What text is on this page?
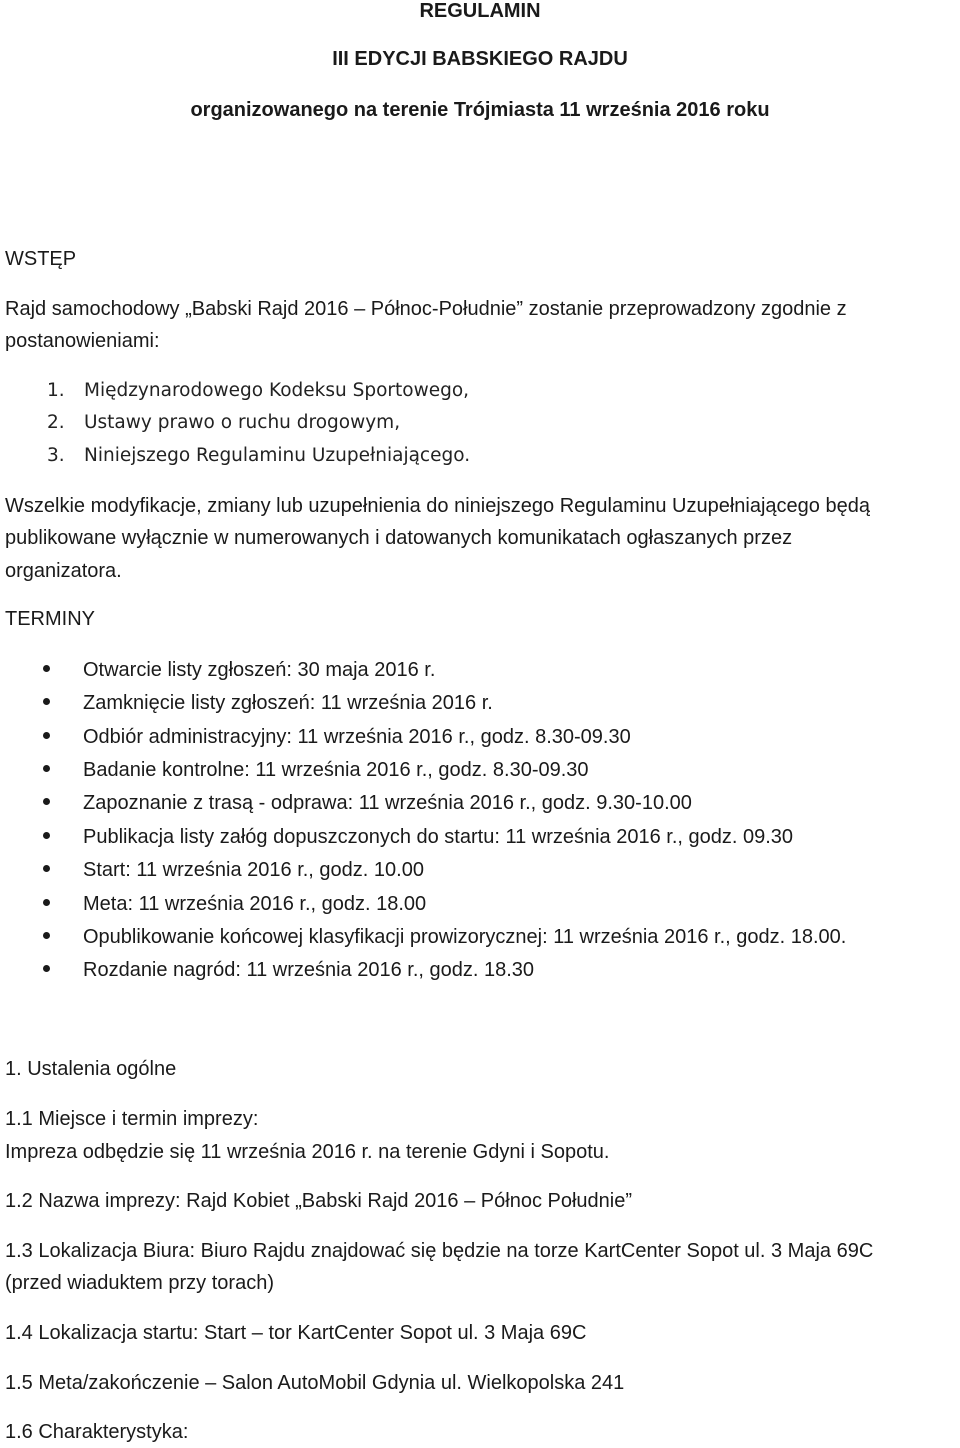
REGULAMIN
III EDYCJI BABSKIEGO RAJDU
organizowanego na terenie Trójmiasta 11 września 2016 roku
WSTĘP
Rajd samochodowy „Babski Rajd 2016 – Północ-Południe” zostanie przeprowadzony zgodnie z
postanowieniami:
1. Międzynarodowego Kodeksu Sportowego,
2. Ustawy prawo o ruchu drogowym,
3. Niniejszego Regulaminu Uzupełniającego.
Wszelkie modyfikacje, zmiany lub uzupełnienia do niniejszego Regulaminu Uzupełniającego będą
publikowane wyłącznie w numerowanych i datowanych komunikatach ogłaszanych przez
organizatora.
TERMINY
Otwarcie listy zgłoszeń: 30 maja 2016 r.
Zamknięcie listy zgłoszeń: 11 września 2016 r.
Odbiór administracyjny: 11 września 2016 r., godz. 8.30-09.30
Badanie kontrolne: 11 września 2016 r., godz. 8.30-09.30
Zapoznanie z trasą - odprawa: 11 września 2016 r., godz. 9.30-10.00
Publikacja listy załóg dopuszczonych do startu: 11 września 2016 r., godz. 09.30
Start: 11 września 2016 r., godz. 10.00
Meta: 11 września 2016 r., godz. 18.00
Opublikowanie końcowej klasyfikacji prowizorycznej: 11 września 2016 r., godz. 18.00.
Rozdanie nagród: 11 września 2016 r., godz. 18.30
1. Ustalenia ogólne
1.1 Miejsce i termin imprezy:
Impreza odbędzie się 11 września 2016 r. na terenie Gdyni i Sopotu.
1.2 Nazwa imprezy: Rajd Kobiet „Babski Rajd 2016 – Północ Południe”
1.3 Lokalizacja Biura: Biuro Rajdu znajdować się będzie na torze KartCenter Sopot ul. 3 Maja 69C
(przed wiaduktem przy torach)
1.4 Lokalizacja startu: Start – tor KartCenter Sopot ul. 3 Maja 69C
1.5 Meta/zakończenie – Salon AutoMobil Gdynia ul. Wielkopolska 241
1.6 Charakterystyka:
